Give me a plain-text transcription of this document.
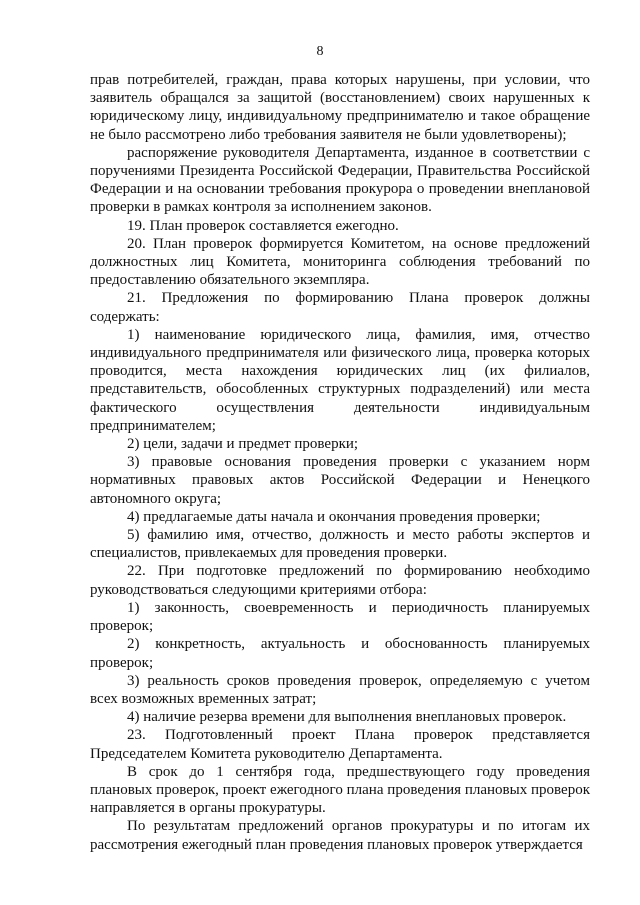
8

прав потребителей, граждан, права которых нарушены, при условии, что заявитель обращался за защитой (восстановлением) своих нарушенных к юридическому лицу, индивидуальному предпринимателю и такое обращение не было рассмотрено либо требования заявителя не были удовлетворены);

распоряжение руководителя Департамента, изданное в соответствии с поручениями Президента Российской Федерации, Правительства Российской Федерации и на основании требования прокурора о проведении внеплановой проверки в рамках контроля за исполнением законов.

19. План проверок составляется ежегодно.

20. План проверок формируется Комитетом, на основе предложений должностных лиц Комитета, мониторинга соблюдения требований по предоставлению обязательного экземпляра.

21. Предложения по формированию Плана проверок должны содержать:

1) наименование юридического лица, фамилия, имя, отчество индивидуального предпринимателя или физического лица, проверка которых проводится, места нахождения юридических лиц (их филиалов, представительств, обособленных структурных подразделений) или места фактического осуществления деятельности индивидуальным предпринимателем;

2) цели, задачи и предмет проверки;

3) правовые основания проведения проверки с указанием норм нормативных правовых актов Российской Федерации и Ненецкого автономного округа;

4) предлагаемые даты начала и окончания проведения проверки;

5) фамилию имя, отчество, должность и место работы экспертов и специалистов, привлекаемых для проведения проверки.

22. При подготовке предложений по формированию необходимо руководствоваться следующими критериями отбора:

1) законность, своевременность и периодичность планируемых проверок;

2) конкретность, актуальность и обоснованность планируемых проверок;

3) реальность сроков проведения проверок, определяемую с учетом всех возможных временных затрат;

4) наличие резерва времени для выполнения внеплановых проверок.

23. Подготовленный проект Плана проверок представляется Председателем Комитета руководителю Департамента.

В срок до 1 сентября года, предшествующего году проведения плановых проверок, проект ежегодного плана проведения плановых проверок направляется в органы прокуратуры.

По результатам предложений органов прокуратуры и по итогам их рассмотрения ежегодный план проведения плановых проверок утверждается
